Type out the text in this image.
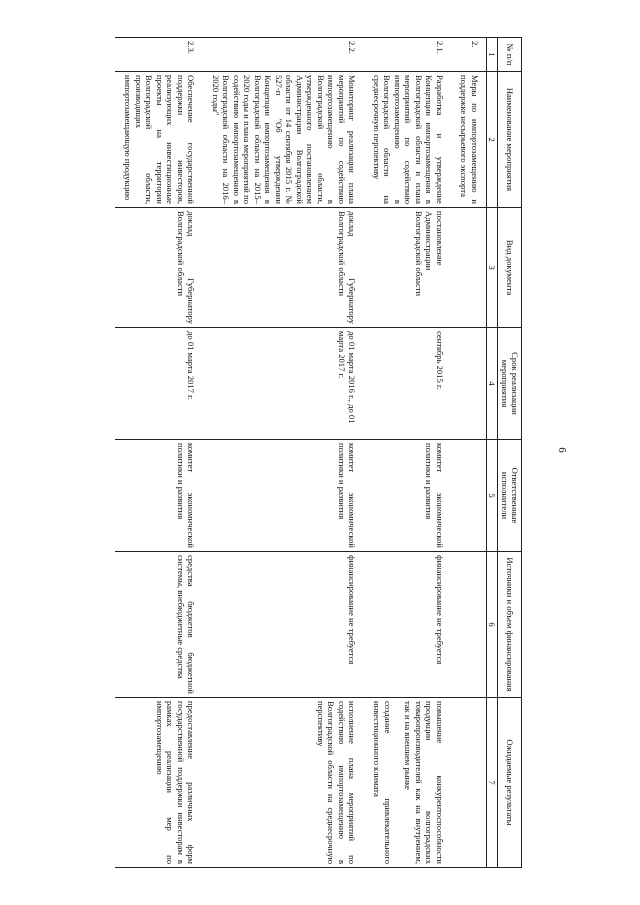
6
№ п/п	Наименование мероприятия	Вид документа	Срок реализации мероприятия	Ответственные исполнители	Источники и объем финансирования	Ожидаемые результаты
1	2	3	4	5	6	7
2.	Меры по импортозамещению и поддержке несырьевого экспорта					

2.1.	Разработка и утверждение Концепции импортозамещения в Волгоградской области и плана мероприятий по содействию импортозамещению в Волгоградской области на среднесрочную перспективу	постановление Администрации Волгоградской области	сентябрь 2015 г.	комитет экономической политики и развития	финансирование не требуется	повышение конкурентоспособности продукции волгоградских товаропроизводителей как на внутреннем, так и на внешнем рынке
создание привлекательного инвестиционного климата

2.2.	Мониторинг реализации плана мероприятий по содействию импортозамещению в Волгоградской области, утвержденного постановлением Администрации Волгоградской области от 14 сентября 2015 г. № 527-п "Об утверждении Концепции импортозамещения в Волгоградской области на 2015–2020 годы и плана мероприятий по содействию импортозамещению в Волгоградской области на 2016–2020 годы"	доклад Губернатору Волгоградской области	до 01 марта 2016 г., до 01 марта 2017 г.	комитет экономической политики и развития	финансирование не требуется	исполнение плана мероприятий по содействию импортозамещению в Волгоградской области на среднесрочную перспективу

2.3.	Обеспечение государственной поддержки инвесторов, реализующих инвестиционные проекты на территории Волгоградской области, производящих импортозамещающую продукцию	доклад Губернатору Волгоградской области	до 01 марта 2017 г.	комитет экономической политики и развития	средства бюджетов бюджетной системы, внебюджетные средства	предоставление различных форм государственной поддержки инвесторам в рамках реализации мер по импортозамещению
